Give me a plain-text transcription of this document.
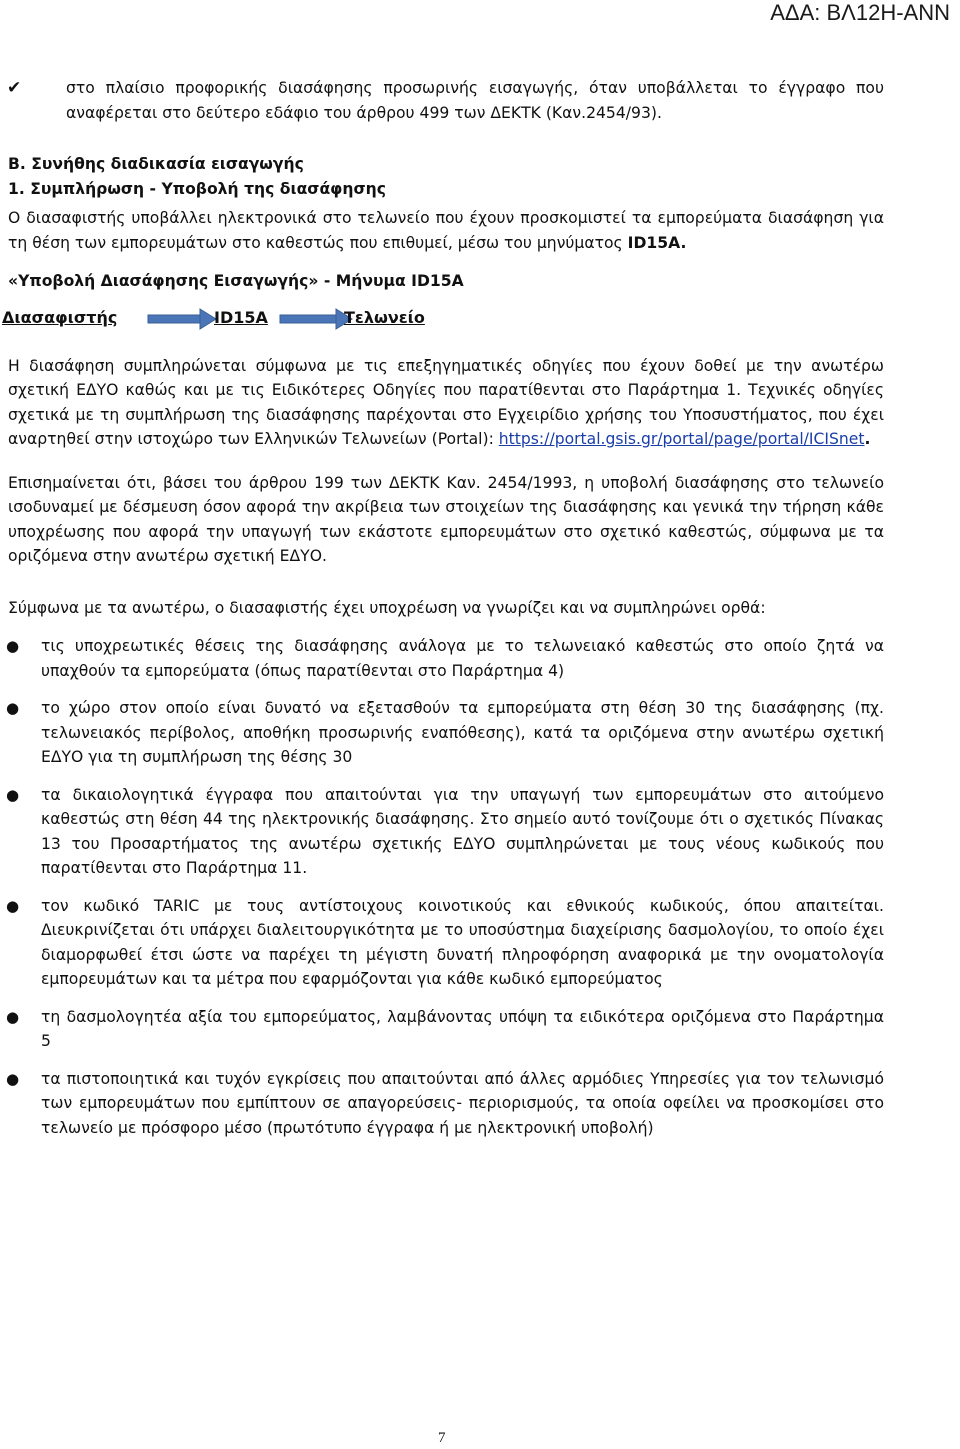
ΑΔΑ: ΒΛ12Η-ΑΝΝ

✔	στο πλαίσιο προφορικής διασάφησης προσωρινής εισαγωγής, όταν υποβάλλεται το έγγραφο που αναφέρεται στο δεύτερο εδάφιο του άρθρου 499 των ΔΕΚΤΚ (Καν.2454/93).

Β. Συνήθης διαδικασία εισαγωγής

1. Συμπλήρωση - Υποβολή της διασάφησης

Ο διασαφιστής υποβάλλει ηλεκτρονικά στο τελωνείο που έχουν προσκομιστεί τα εμπορεύματα διασάφηση για τη θέση των εμπορευμάτων στο καθεστώς που επιθυμεί, μέσω του μηνύματος ID15A.

«Υποβολή Διασάφησης Εισαγωγής» - Μήνυμα ID15A

Διασαφιστής	ID15A	Τελωνείο

Η διασάφηση συμπληρώνεται σύμφωνα με τις επεξηγηματικές οδηγίες που έχουν δοθεί με την ανωτέρω σχετική ΕΔΥΟ καθώς και με τις Ειδικότερες Οδηγίες που παρατίθενται στο Παράρτημα 1. Τεχνικές οδηγίες σχετικά με τη συμπλήρωση της διασάφησης παρέχονται στο Εγχειρίδιο χρήσης του Υποσυστήματος, που έχει αναρτηθεί στην ιστοχώρο των Ελληνικών Τελωνείων (Portal): https://portal.gsis.gr/portal/page/portal/ICISnet.

Επισημαίνεται ότι, βάσει του άρθρου 199 των ΔΕΚΤΚ Καν. 2454/1993, η υποβολή διασάφησης στο τελωνείο ισοδυναμεί με δέσμευση όσον αφορά την ακρίβεια των στοιχείων της διασάφησης και γενικά την τήρηση κάθε υποχρέωσης που αφορά την υπαγωγή των εκάστοτε εμπορευμάτων στο σχετικό καθεστώς, σύμφωνα με τα οριζόμενα στην ανωτέρω σχετική ΕΔΥΟ.

Σύμφωνα με τα ανωτέρω, ο διασαφιστής έχει υποχρέωση να γνωρίζει και να συμπληρώνει ορθά:

● τις υποχρεωτικές θέσεις της διασάφησης ανάλογα με το τελωνειακό καθεστώς στο οποίο ζητά να υπαχθούν τα εμπορεύματα (όπως παρατίθενται στο Παράρτημα 4)
● το χώρο στον οποίο είναι δυνατό να εξετασθούν τα εμπορεύματα στη θέση 30 της διασάφησης (πχ. τελωνειακός περίβολος, αποθήκη προσωρινής εναπόθεσης), κατά τα οριζόμενα στην ανωτέρω σχετική ΕΔΥΟ για τη συμπλήρωση της θέσης 30
● τα δικαιολογητικά έγγραφα που απαιτούνται για την υπαγωγή των εμπορευμάτων στο αιτούμενο καθεστώς στη θέση 44 της ηλεκτρονικής διασάφησης. Στο σημείο αυτό τονίζουμε ότι ο σχετικός Πίνακας 13 του Προσαρτήματος της ανωτέρω σχετικής ΕΔΥΟ συμπληρώνεται με τους νέους κωδικούς που παρατίθενται στο Παράρτημα 11.
● τον κωδικό TARIC με τους αντίστοιχους κοινοτικούς και εθνικούς κωδικούς, όπου απαιτείται. Διευκρινίζεται ότι υπάρχει διαλειτουργικότητα με το υποσύστημα διαχείρισης δασμολογίου, το οποίο έχει διαμορφωθεί έτσι ώστε να παρέχει τη μέγιστη δυνατή πληροφόρηση αναφορικά με την ονοματολογία εμπορευμάτων και τα μέτρα που εφαρμόζονται για κάθε κωδικό εμπορεύματος
● τη δασμολογητέα αξία του εμπορεύματος, λαμβάνοντας υπόψη τα ειδικότερα οριζόμενα στο Παράρτημα 5
● τα πιστοποιητικά και τυχόν εγκρίσεις που απαιτούνται από άλλες αρμόδιες Υπηρεσίες για τον τελωνισμό των εμπορευμάτων που εμπίπτουν σε απαγορεύσεις- περιορισμούς, τα οποία οφείλει να προσκομίσει στο τελωνείο με πρόσφορο μέσο (πρωτότυπο έγγραφα ή με ηλεκτρονική υποβολή)
7
